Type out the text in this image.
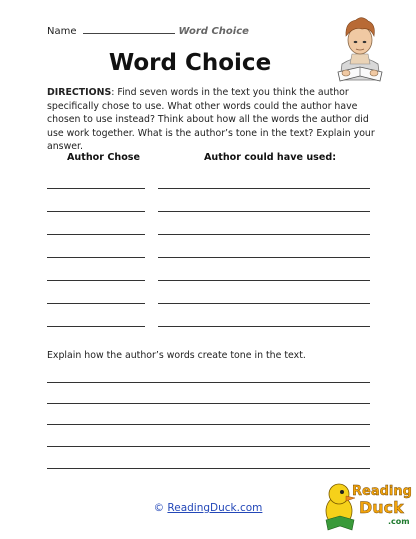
Name	Word Choice
Word Choice
DIRECTIONS: Find seven words in the text you think the author specifically chose to use. What other words could the author have chosen to use instead? Think about how all the words the author did use work together. What is the author’s tone in the text? Explain your answer.
Author Chose	Author could have used:
Explain how the author’s words create tone in the text.
© ReadingDuck.com
Reading
Duck
.com
